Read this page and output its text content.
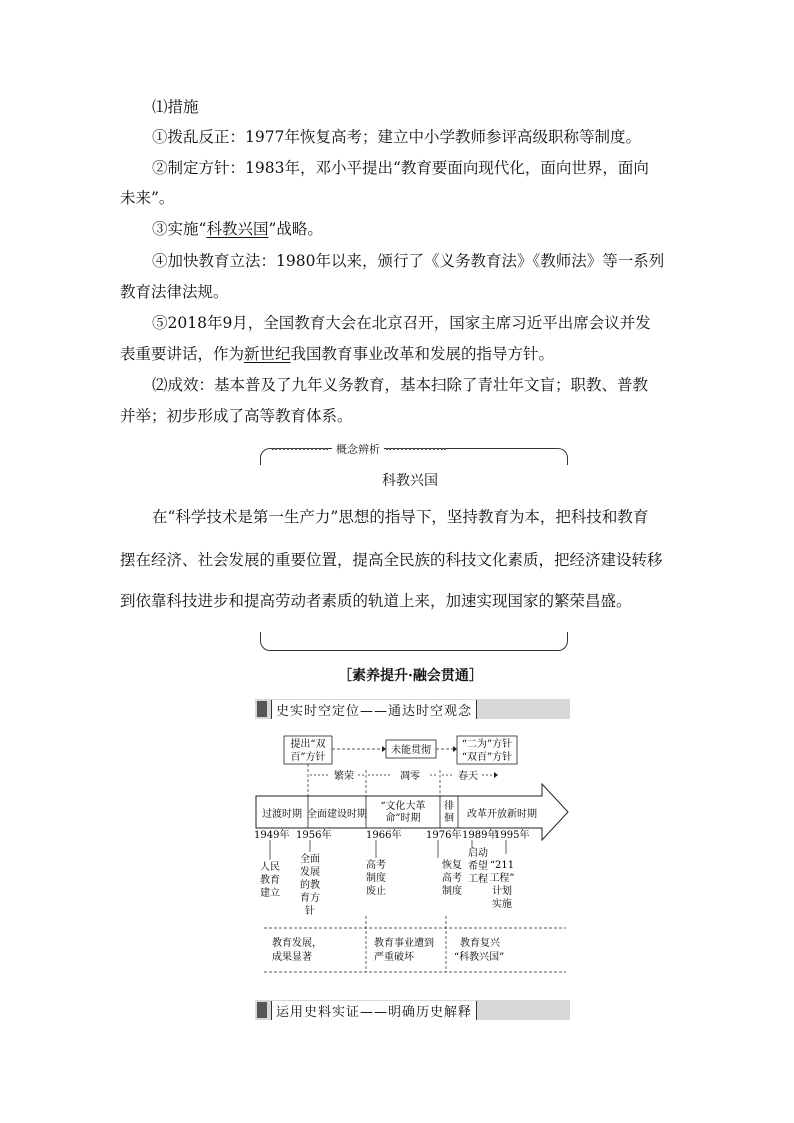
⑴措施
①拨乱反正：1977年恢复高考；建立中小学教师参评高级职称等制度。
②制定方针：1983年，邓小平提出“教育要面向现代化，面向世界，面向
未来”。
③实施“科教兴国”战略。
④加快教育立法：1980年以来，颁行了《义务教育法》《教师法》等一系列
教育法律法规。
⑤2018年9月，全国教育大会在北京召开，国家主席习近平出席会议并发
表重要讲话，作为新世纪我国教育事业改革和发展的指导方针。
⑵成效：基本普及了九年义务教育，基本扫除了青壮年文盲；职教、普教
并举；初步形成了高等教育体系。
概念辨析
科教兴国
在“科学技术是第一生产力”思想的指导下，坚持教育为本，把科技和教育
摆在经济、社会发展的重要位置，提高全民族的科技文化素质，把经济建设转移
到依靠科技进步和提高劳动者素质的轨道上来，加速实现国家的繁荣昌盛。
［素养提升·融会贯通］
史实时空定位——通达时空观念
提出“双
百”方针
未能贯彻
“二为”方针
“双百”方针
繁荣	凋零	春天
过渡时期 全面建设时期
“文化大革
命”时期
徘
徊 改革开放新时期
1949年 1956年	1966年 1976年 1989年
1995年
人民
教育
建立
全面
发展
的教
育方
针
高考
制度
废止
恢复
高考
制度
启动
希望
工程
“211
工程”
计划
实施
教育发展，
成果显著
教育事业遭到
严重破坏
教育复兴
“科教兴国”
运用史料实证——明确历史解释
